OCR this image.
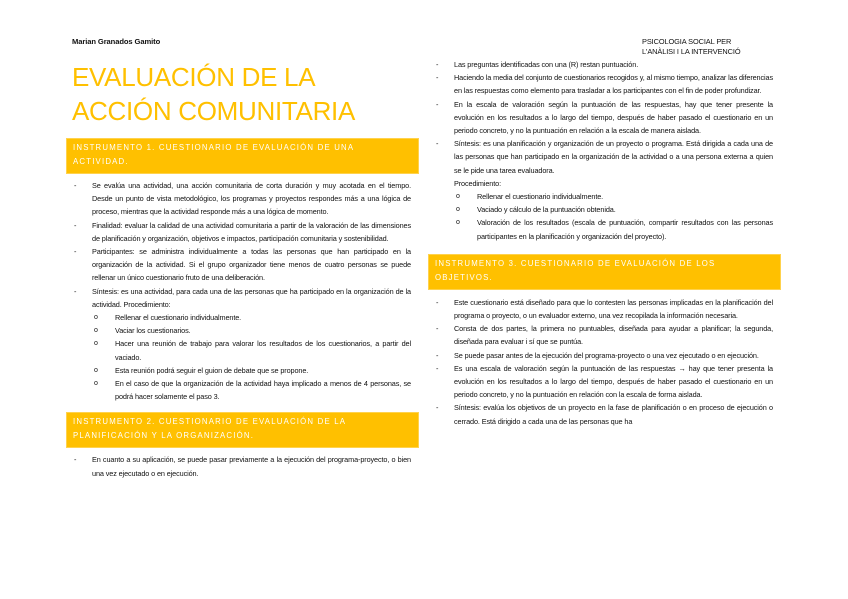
Marian Granados Gamito	PSICOLOGIA SOCIAL PER
L'ANÀLISI I LA INTERVENCIÓ
EVALUACIÓN DE LA ACCIÓN COMUNITARIA
INSTRUMENTO 1. CUESTIONARIO DE EVALUACIÓN DE UNA ACTIVIDAD.
- Se evalúa una actividad, una acción comunitaria de corta duración y muy acotada en el tiempo. Desde un punto de vista metodológico, los programas y proyectos respondes más a una lógica de proceso, mientras que la actividad responde más a una lógica de momento.
- Finalidad: evaluar la calidad de una actividad comunitaria a partir de la valoración de las dimensiones de planificación y organización, objetivos e impactos, participación comunitaria y sostenibilidad.
- Participantes: se administra individualmente a todas las personas que han participado en la organización de la actividad. Si el grupo organizador tiene menos de cuatro personas se puede rellenar un único cuestionario fruto de una deliberación.
- Síntesis: es una actividad, para cada una de las personas que ha participado en la organización de la actividad. Procedimiento:
o Rellenar el cuestionario individualmente.
o Vaciar los cuestionarios.
o Hacer una reunión de trabajo para valorar los resultados de los cuestionarios, a partir del vaciado.
o Esta reunión podrá seguir el guion de debate que se propone.
o En el caso de que la organización de la actividad haya implicado a menos de 4 personas, se podrá hacer solamente el paso 3.
INSTRUMENTO 2. CUESTIONARIO DE EVALUACIÓN DE LA PLANIFICACIÓN Y LA ORGANIZACIÓN.
- En cuanto a su aplicación, se puede pasar previamente a la ejecución del programa-proyecto, o bien una vez ejecutado o en ejecución.
- Las preguntas identificadas con una (R) restan puntuación.
- Haciendo la media del conjunto de cuestionarios recogidos y, al mismo tiempo, analizar las diferencias en las respuestas como elemento para trasladar a los participantes con el fin de poder profundizar.
- En la escala de valoración según la puntuación de las respuestas, hay que tener presente la evolución en los resultados a lo largo del tiempo, después de haber pasado el cuestionario en un periodo concreto, y no la puntuación en relación a la escala de manera aislada.
- Síntesis: es una planificación y organización de un proyecto o programa. Está dirigida a cada una de las personas que han participado en la organización de la actividad o a una persona externa a quien se le pide una tarea evaluadora.
Procedimiento:
o Rellenar el cuestionario individualmente.
o Vaciado y cálculo de la puntuación obtenida.
o Valoración de los resultados (escala de puntuación, compartir resultados con las personas participantes en la planificación y organización del proyecto).
INSTRUMENTO 3. CUESTIONARIO DE EVALUACIÓN DE LOS OBJETIVOS.
- Este cuestionario está diseñado para que lo contesten las personas implicadas en la planificación del programa o proyecto, o un evaluador externo, una vez recopilada la información necesaria.
- Consta de dos partes, la primera no puntuables, diseñada para ayudar a planificar; la segunda, diseñada para evaluar i sí que se puntúa.
- Se puede pasar antes de la ejecución del programa-proyecto o una vez ejecutado o en ejecución.
- Es una escala de valoración según la puntuación de las respuestas → hay que tener presenta la evolución en los resultados a lo largo del tiempo, después de haber pasado el cuestionario en un periodo concreto, y no la puntuación en relación con la escala de forma aislada.
- Síntesis: evalúa los objetivos de un proyecto en la fase de planificación o en proceso de ejecución o cerrado. Está dirigido a cada una de las personas que ha
